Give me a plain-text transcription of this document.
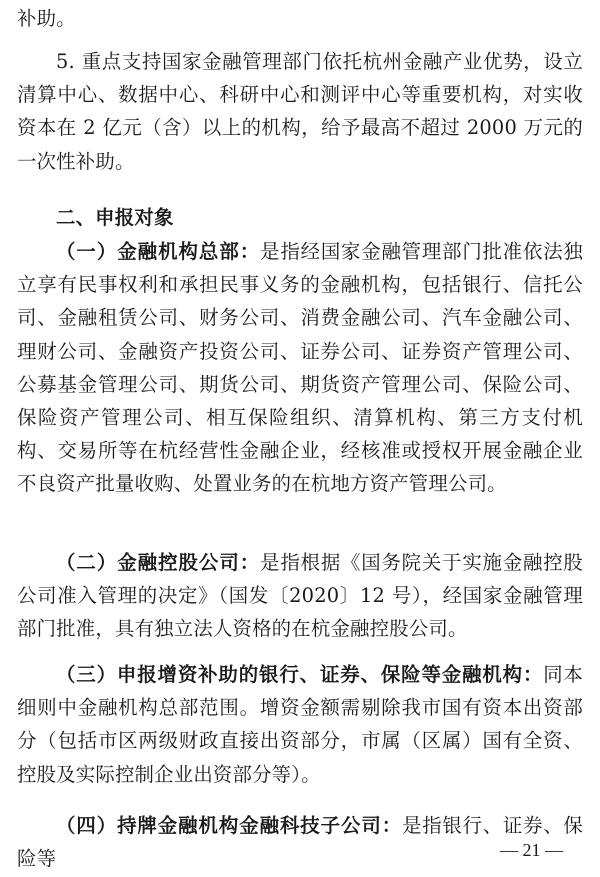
补助。

5. 重点支持国家金融管理部门依托杭州金融产业优势，设立清算中心、数据中心、科研中心和测评中心等重要机构，对实收资本在 2 亿元（含）以上的机构，给予最高不超过 2000 万元的一次性补助。

二、申报对象

（一）金融机构总部：是指经国家金融管理部门批准依法独立享有民事权利和承担民事义务的金融机构，包括银行、信托公司、金融租赁公司、财务公司、消费金融公司、汽车金融公司、理财公司、金融资产投资公司、证券公司、证券资产管理公司、公募基金管理公司、期货公司、期货资产管理公司、保险公司、保险资产管理公司、相互保险组织、清算机构、第三方支付机构、交易所等在杭经营性金融企业，经核准或授权开展金融企业不良资产批量收购、处置业务的在杭地方资产管理公司。

（二）金融控股公司：是指根据《国务院关于实施金融控股公司准入管理的决定》（国发〔2020〕12 号），经国家金融管理部门批准，具有独立法人资格的在杭金融控股公司。

（三）申报增资补助的银行、证券、保险等金融机构：同本细则中金融机构总部范围。增资金额需剔除我市国有资本出资部分（包括市区两级财政直接出资部分，市属（区属）国有全资、控股及实际控制企业出资部分等）。

（四）持牌金融机构金融科技子公司：是指银行、证券、保险等	— 21 —
